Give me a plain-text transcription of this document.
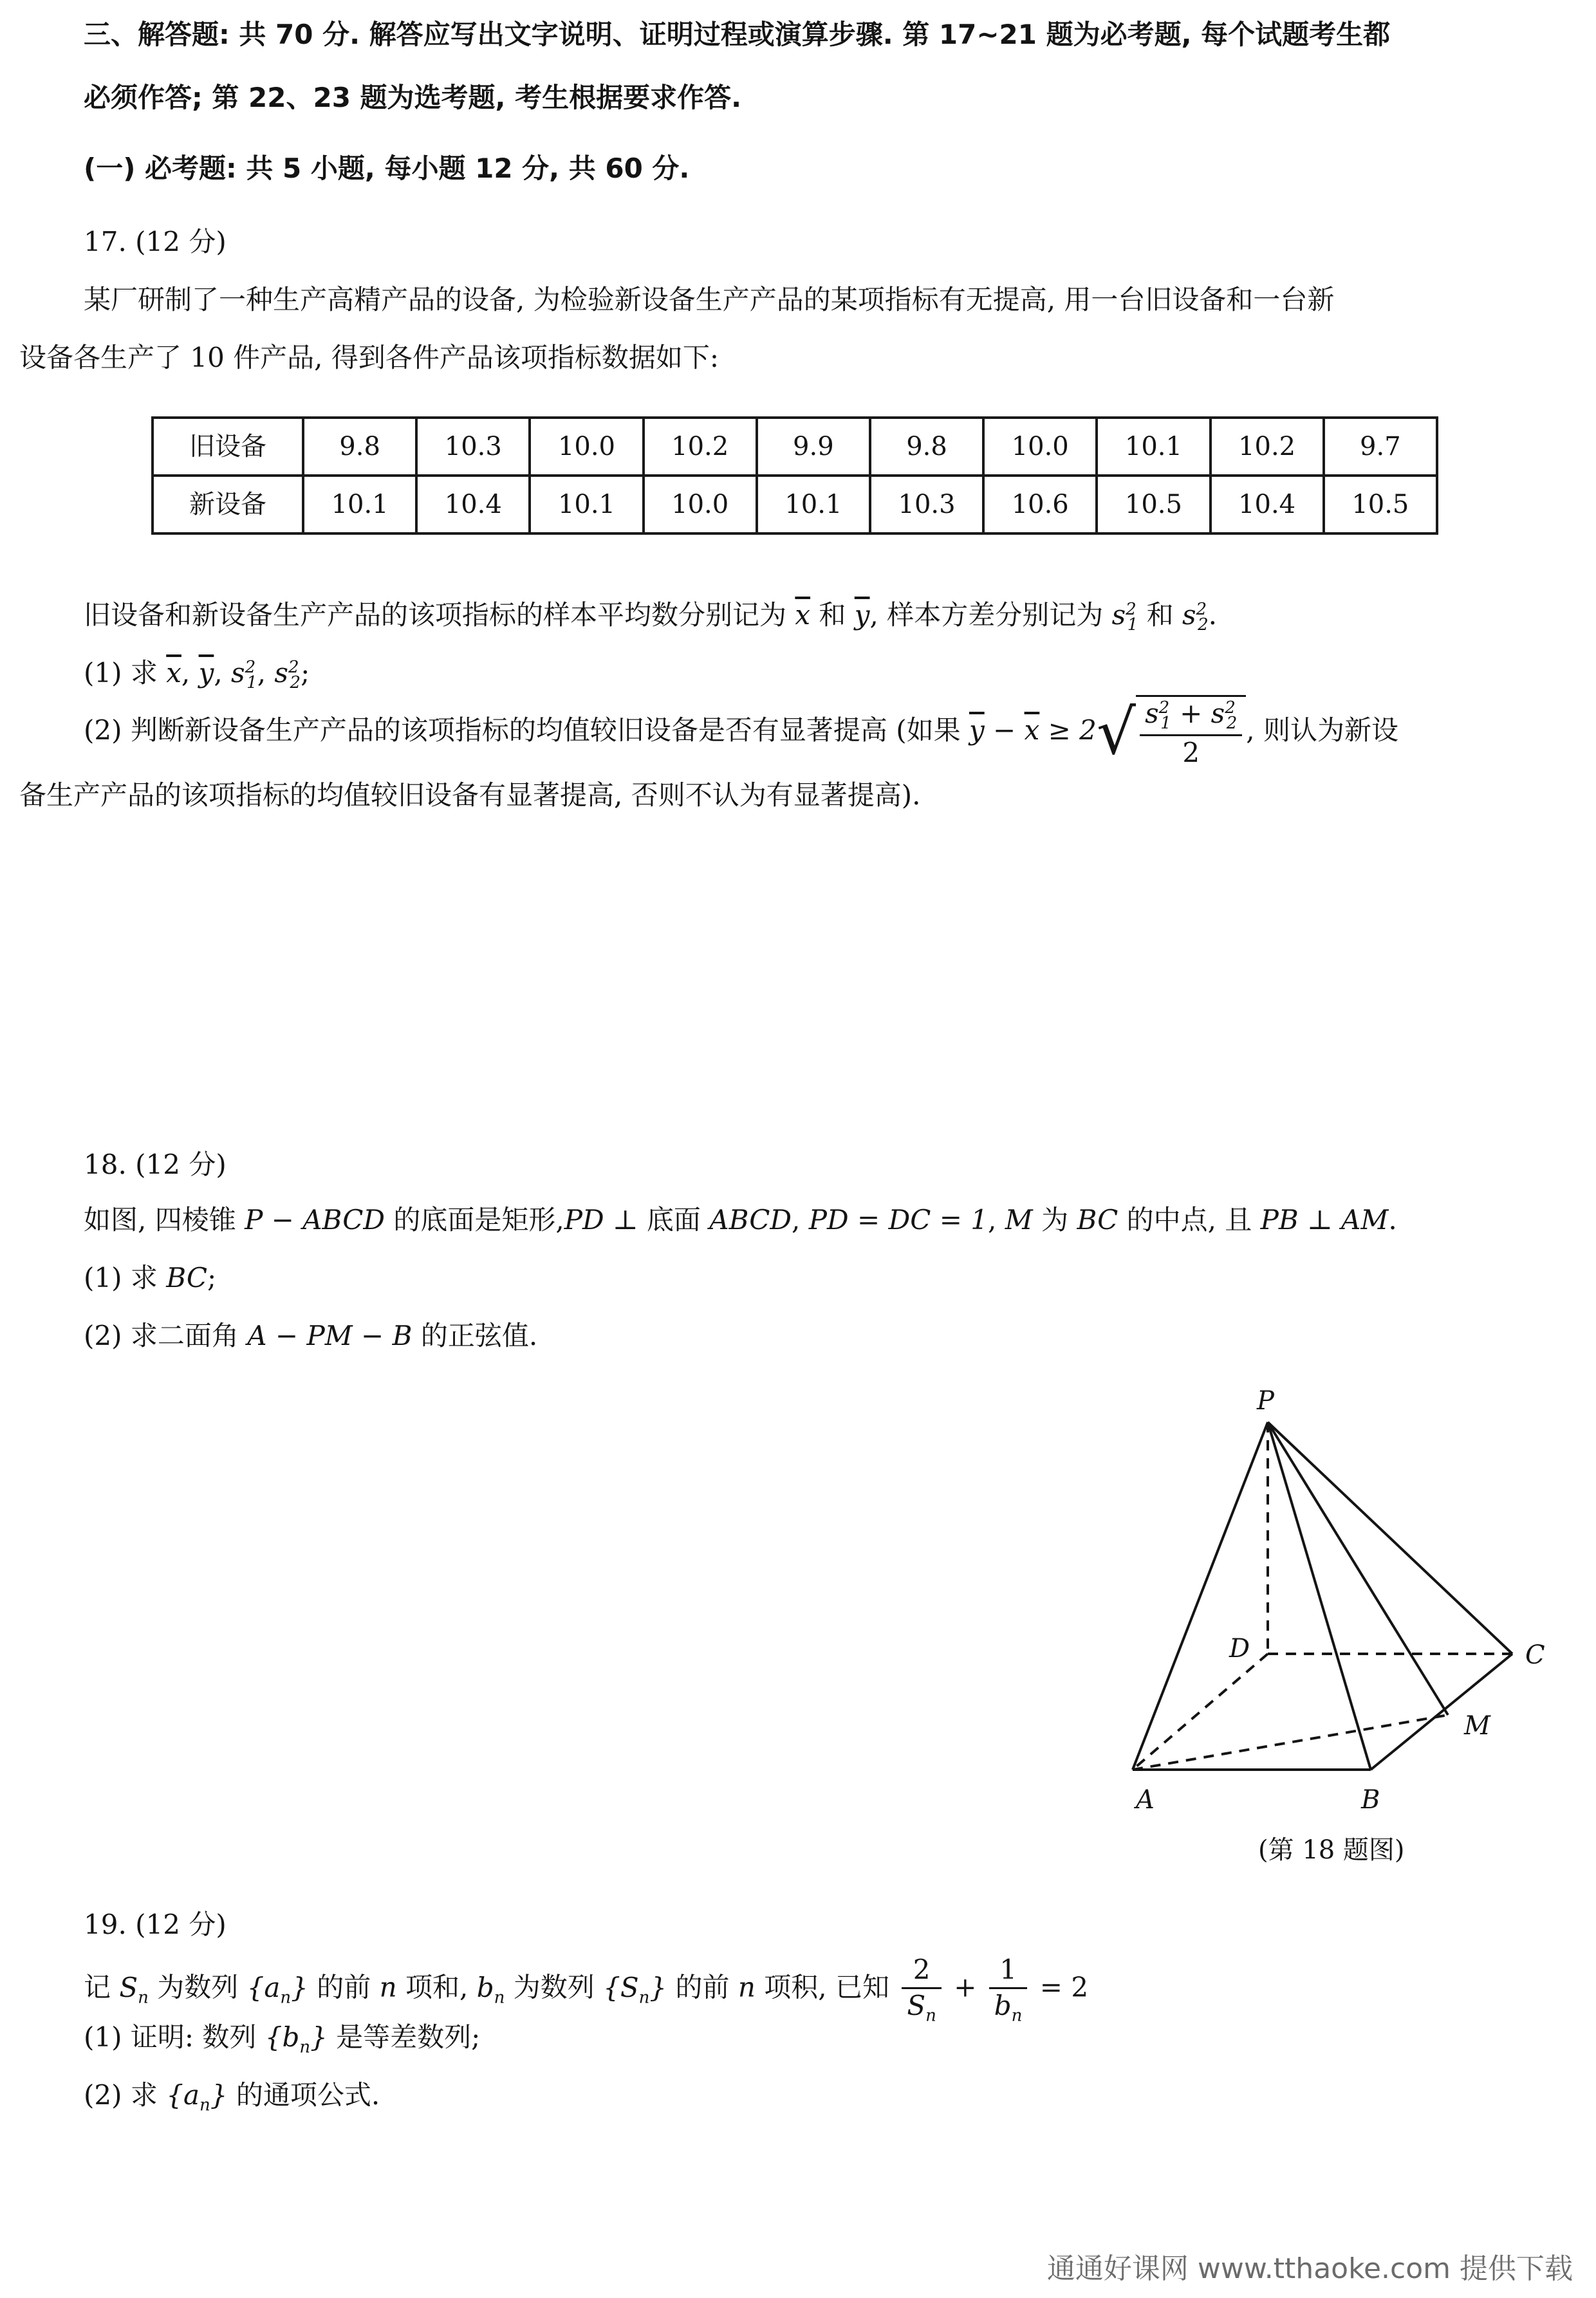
三、解答题: 共 70 分. 解答应写出文字说明、证明过程或演算步骤. 第 17~21 题为必考题, 每个试题考生都
必须作答; 第 22、23 题为选考题, 考生根据要求作答.
(一) 必考题: 共 5 小题, 每小题 12 分, 共 60 分.
17. (12 分)
某厂研制了一种生产高精产品的设备, 为检验新设备生产产品的某项指标有无提高, 用一台旧设备和一台新
设备各生产了 10 件产品, 得到各件产品该项指标数据如下:
旧设备	9.8	10.3	10.0	10.2	9.9	9.8	10.0	10.1	10.2	9.7
新设备	10.1	10.4	10.1	10.0	10.1	10.3	10.6	10.5	10.4	10.5
旧设备和新设备生产产品的该项指标的样本平均数分别记为 $\overline{x}$ 和 $\overline{y}$, 样本方差分别记为 $s^2_1$ 和 $s^2_2$.
(1) 求 $\overline{x}$, $\overline{y}$, $s^2_1$, $s^2_2$;
(2) 判断新设备生产产品的该项指标的均值较旧设备是否有显著提高 (如果 $\overline{y} - \overline{x} \ge 2√ \frac{s^2_1 + s^2_2}{2}$ , 则认为新设
备生产产品的该项指标的均值较旧设备有显著提高, 否则不认为有显著提高).
18. (12 分)
如图, 四棱锥 P − ABCD 的底面是矩形,PD ⊥ 底面 ABCD, PD = DC = 1, M 为 BC 的中点, 且 PB ⊥ AM.
(1) 求 BC;
(2) 求二面角 A − PM − B 的正弦值.
P
D	C
M
A	B
(第 18 题图)
19. (12 分)
记 $S_n$ 为数列 $\{a_n\}$ 的前 n 项和, $b_n$ 为数列 $\{S_n\}$ 的前 n 项积, 已知 $\frac{2}{S_n} + \frac{1}{b_n} = 2$
(1) 证明: 数列 $\{b_n\}$ 是等差数列;
(2) 求 $\{a_n\}$ 的通项公式.
通通好课网 www.tthaoke.com 提供下载
